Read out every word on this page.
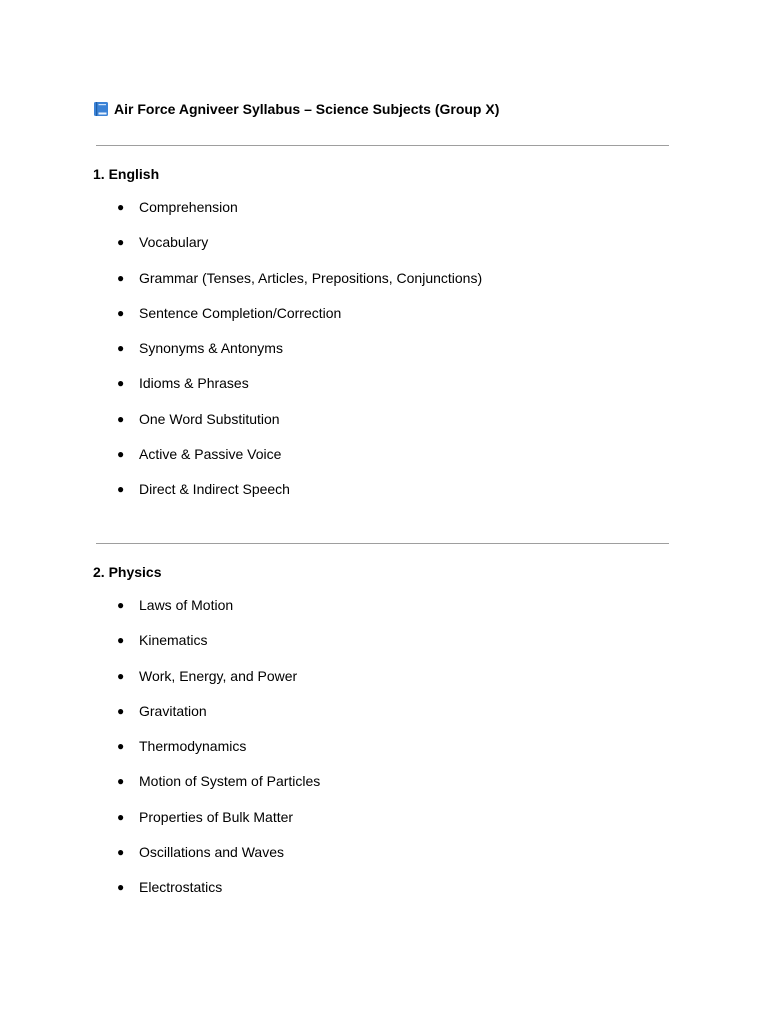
Air Force Agniveer Syllabus – Science Subjects (Group X)
1. English
● Comprehension
● Vocabulary
● Grammar (Tenses, Articles, Prepositions, Conjunctions)
● Sentence Completion/Correction
● Synonyms & Antonyms
● Idioms & Phrases
● One Word Substitution
● Active & Passive Voice
● Direct & Indirect Speech
2. Physics
● Laws of Motion
● Kinematics
● Work, Energy, and Power
● Gravitation
● Thermodynamics
● Motion of System of Particles
● Properties of Bulk Matter
● Oscillations and Waves
● Electrostatics
